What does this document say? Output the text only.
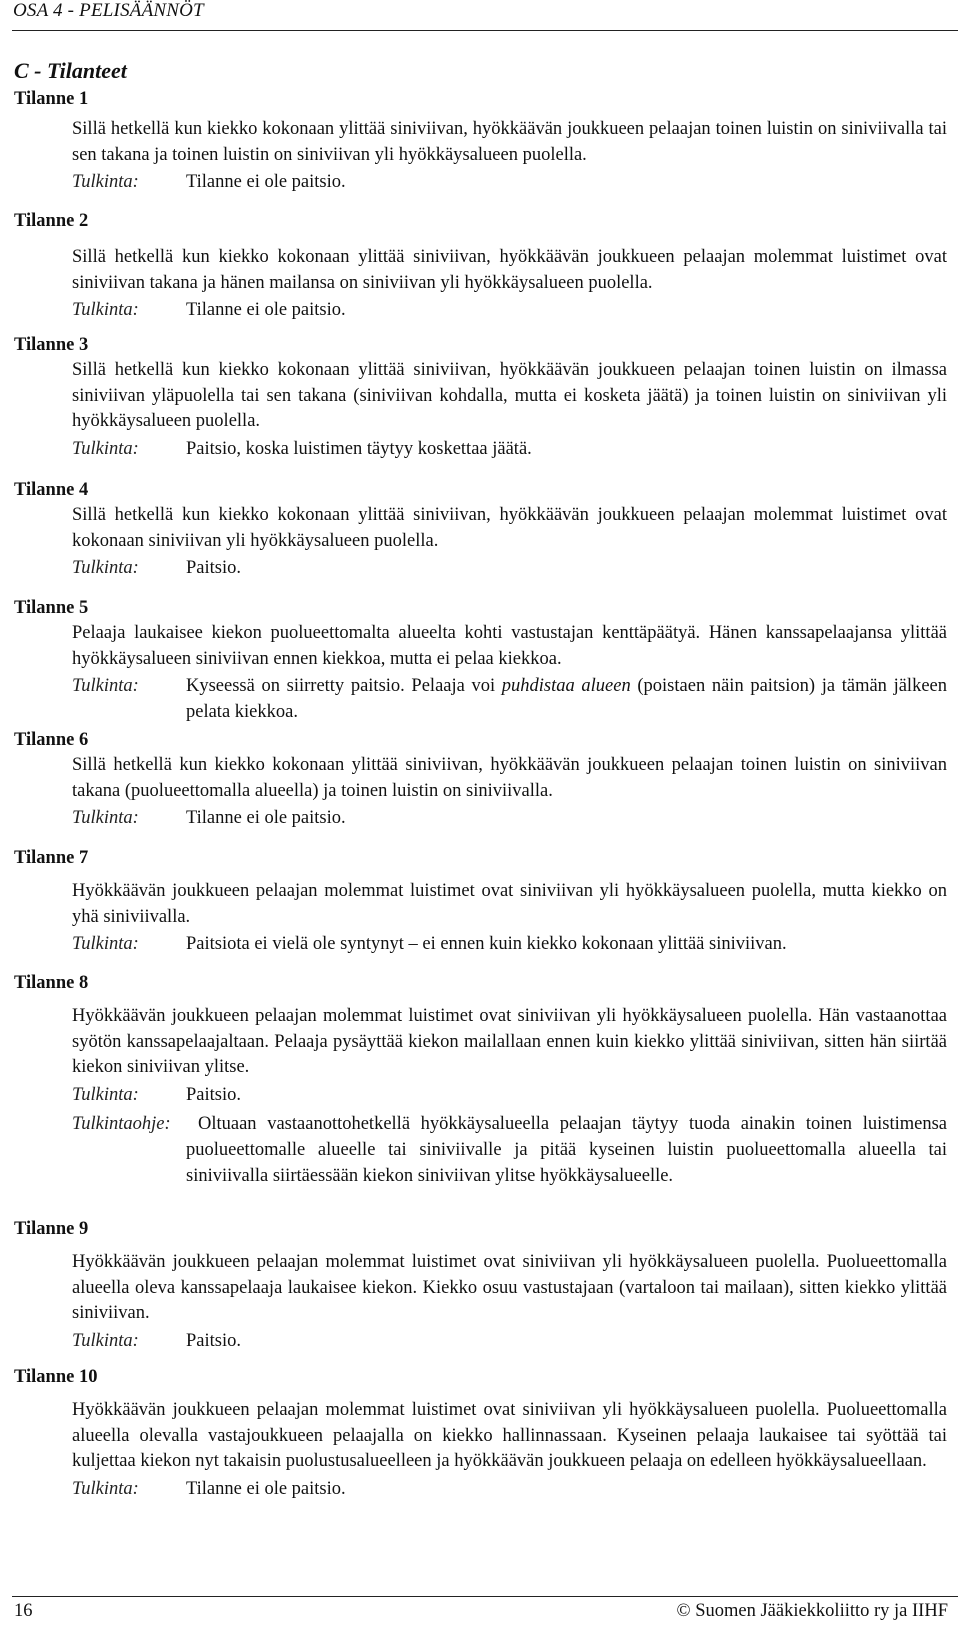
OSA 4 - PELISÄÄNNÖT
C - Tilanteet
Tilanne 1
Sillä hetkellä kun kiekko kokonaan ylittää siniviivan, hyökkäävän joukkueen pelaajan toinen luistin on siniviivalla tai sen takana ja toinen luistin on siniviivan yli hyökkäysalueen puolella.
Tulkinta:	Tilanne ei ole paitsio.
Tilanne 2
Sillä hetkellä kun kiekko kokonaan ylittää siniviivan, hyökkäävän joukkueen pelaajan molemmat luistimet ovat siniviivan takana ja hänen mailansa on siniviivan yli hyökkäysalueen puolella.
Tulkinta:	Tilanne ei ole paitsio.
Tilanne 3
Sillä hetkellä kun kiekko kokonaan ylittää siniviivan, hyökkäävän joukkueen pelaajan toinen luistin on ilmassa siniviivan yläpuolella tai sen takana (siniviivan kohdalla, mutta ei kosketa jäätä) ja toinen luistin on siniviivan yli hyökkäysalueen puolella.
Tulkinta:	Paitsio, koska luistimen täytyy koskettaa jäätä.
Tilanne 4
Sillä hetkellä kun kiekko kokonaan ylittää siniviivan, hyökkäävän joukkueen pelaajan molemmat luistimet ovat kokonaan siniviivan yli hyökkäysalueen puolella.
Tulkinta:	Paitsio.
Tilanne 5
Pelaaja laukaisee kiekon puolueettomalta alueelta kohti vastustajan kenttäpäätyä. Hänen kanssapelaajansa ylittää hyökkäysalueen siniviivan ennen kiekkoa, mutta ei pelaa kiekkoa.
Tulkinta:	Kyseessä on siirretty paitsio. Pelaaja voi puhdistaa alueen (poistaen näin paitsion) ja tämän jälkeen pelata kiekkoa.
Tilanne 6
Sillä hetkellä kun kiekko kokonaan ylittää siniviivan, hyökkäävän joukkueen pelaajan toinen luistin on siniviivan takana (puolueettomalla alueella) ja toinen luistin on siniviivalla.
Tulkinta:	Tilanne ei ole paitsio.
Tilanne 7
Hyökkäävän joukkueen pelaajan molemmat luistimet ovat siniviivan yli hyökkäysalueen puolella, mutta kiekko on yhä siniviivalla.
Tulkinta:	Paitsiota ei vielä ole syntynyt – ei ennen kuin kiekko kokonaan ylittää siniviivan.
Tilanne 8
Hyökkäävän joukkueen pelaajan molemmat luistimet ovat siniviivan yli hyökkäysalueen puolella. Hän vastaanottaa syötön kanssapelaajaltaan. Pelaaja pysäyttää kiekon mailallaan ennen kuin kiekko ylittää siniviivan, sitten hän siirtää kiekon siniviivan ylitse.
Tulkinta:	Paitsio.
Tulkintaohje:	Oltuaan vastaanottohetkellä hyökkäysalueella pelaajan täytyy tuoda ainakin toinen luistimensa puolueettomalle alueelle tai siniviivalle ja pitää kyseinen luistin puolueettomalla alueella tai siniviivalla siirtäessään kiekon siniviivan ylitse hyökkäysalueelle.
Tilanne 9
Hyökkäävän joukkueen pelaajan molemmat luistimet ovat siniviivan yli hyökkäysalueen puolella. Puolueettomalla alueella oleva kanssapelaaja laukaisee kiekon. Kiekko osuu vastustajaan (vartaloon tai mailaan), sitten kiekko ylittää siniviivan.
Tulkinta:	Paitsio.
Tilanne 10
Hyökkäävän joukkueen pelaajan molemmat luistimet ovat siniviivan yli hyökkäysalueen puolella. Puolueettomalla alueella olevalla vastajoukkueen pelaajalla on kiekko hallinnassaan. Kyseinen pelaaja laukaisee tai syöttää tai kuljettaa kiekon nyt takaisin puolustusalueelleen ja hyökkäävän joukkueen pelaaja on edelleen hyökkäysalueellaan.
Tulkinta:	Tilanne ei ole paitsio.
16	© Suomen Jääkiekkoliitto ry ja IIHF
